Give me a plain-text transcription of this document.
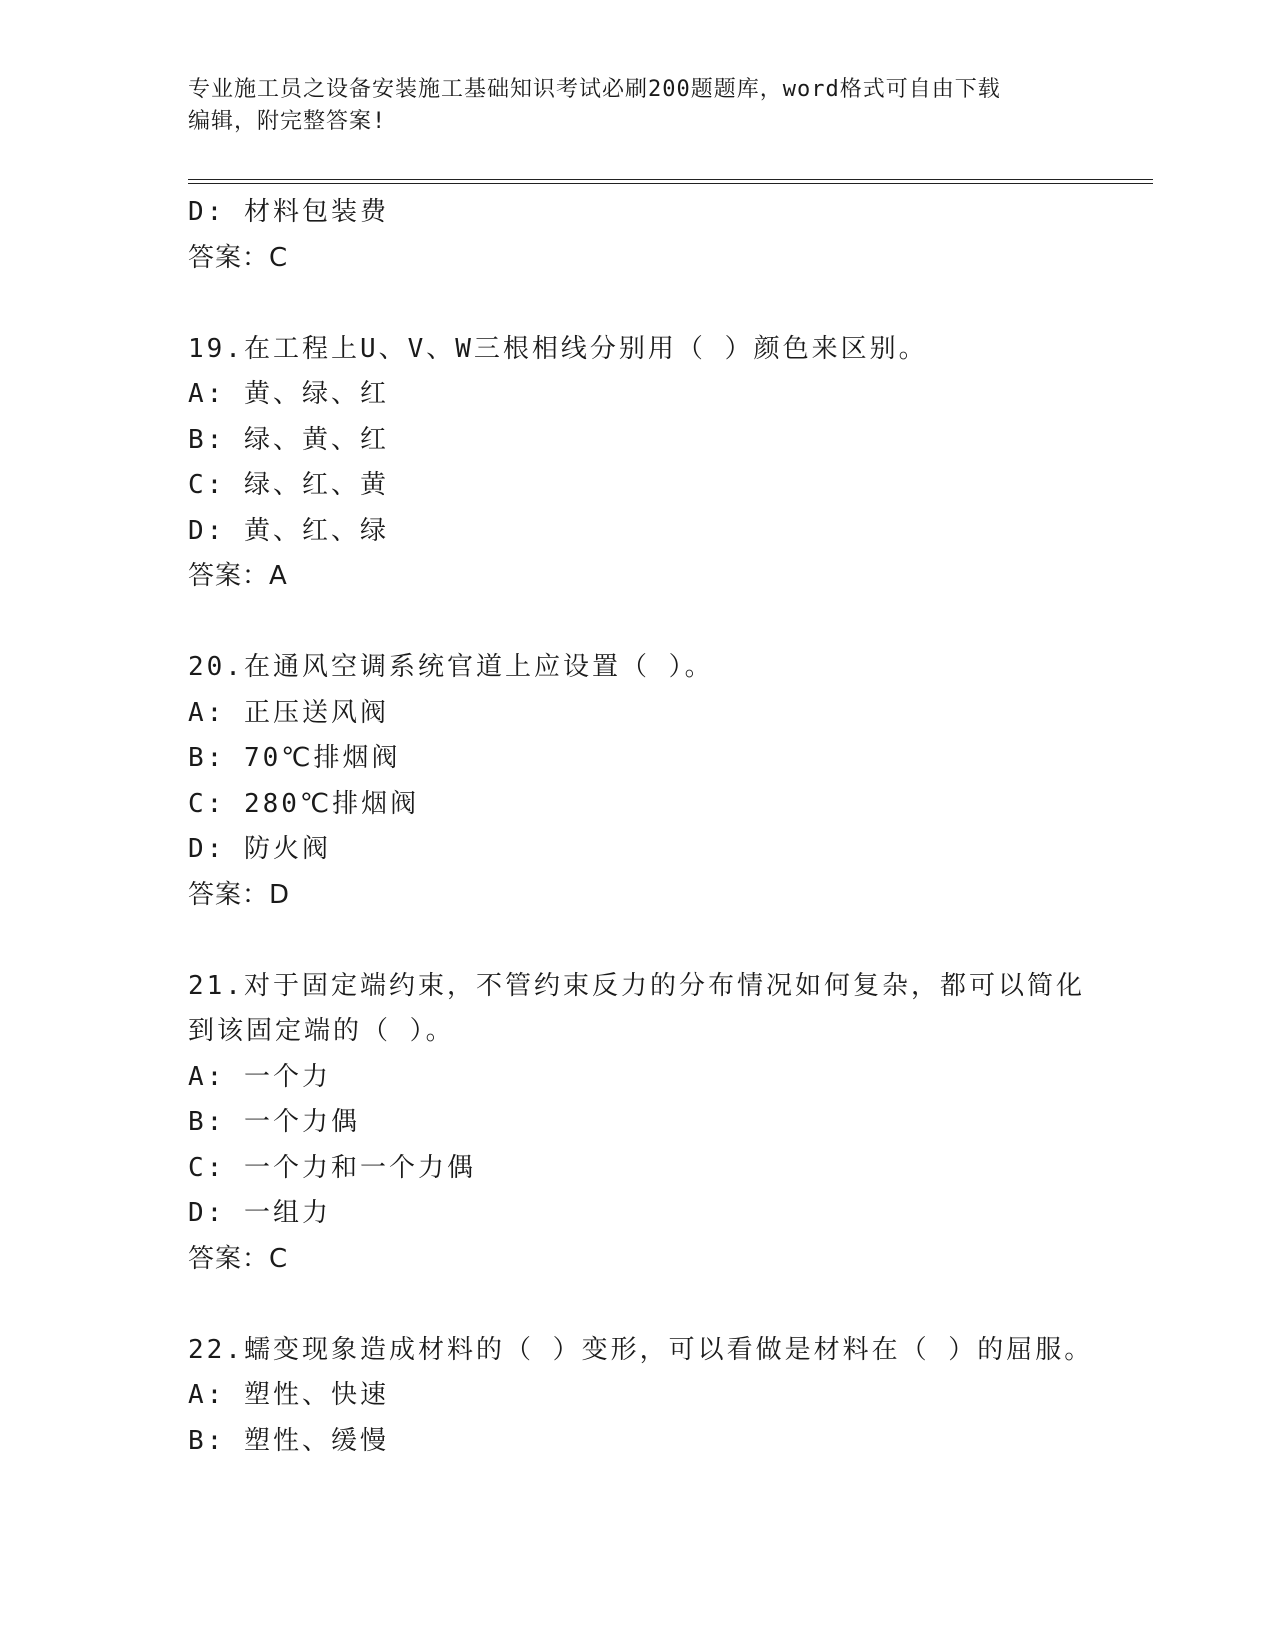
专业施工员之设备安装施工基础知识考试必刷200题题库，word格式可自由下载
编辑，附完整答案!
D: 材料包装费
答案：C
19.在工程上U、V、W三根相线分别用（ ）颜色来区别。
A: 黄、绿、红
B: 绿、黄、红
C: 绿、红、黄
D: 黄、红、绿
答案：A
20.在通风空调系统官道上应设置（ ）。
A: 正压送风阀
B: 70℃排烟阀
C: 280℃排烟阀
D: 防火阀
答案：D
21.对于固定端约束，不管约束反力的分布情况如何复杂，都可以简化
到该固定端的（ ）。
A: 一个力
B: 一个力偶
C: 一个力和一个力偶
D: 一组力
答案：C
22.蠕变现象造成材料的（ ）变形，可以看做是材料在（ ）的屈服。
A: 塑性、快速
B: 塑性、缓慢
